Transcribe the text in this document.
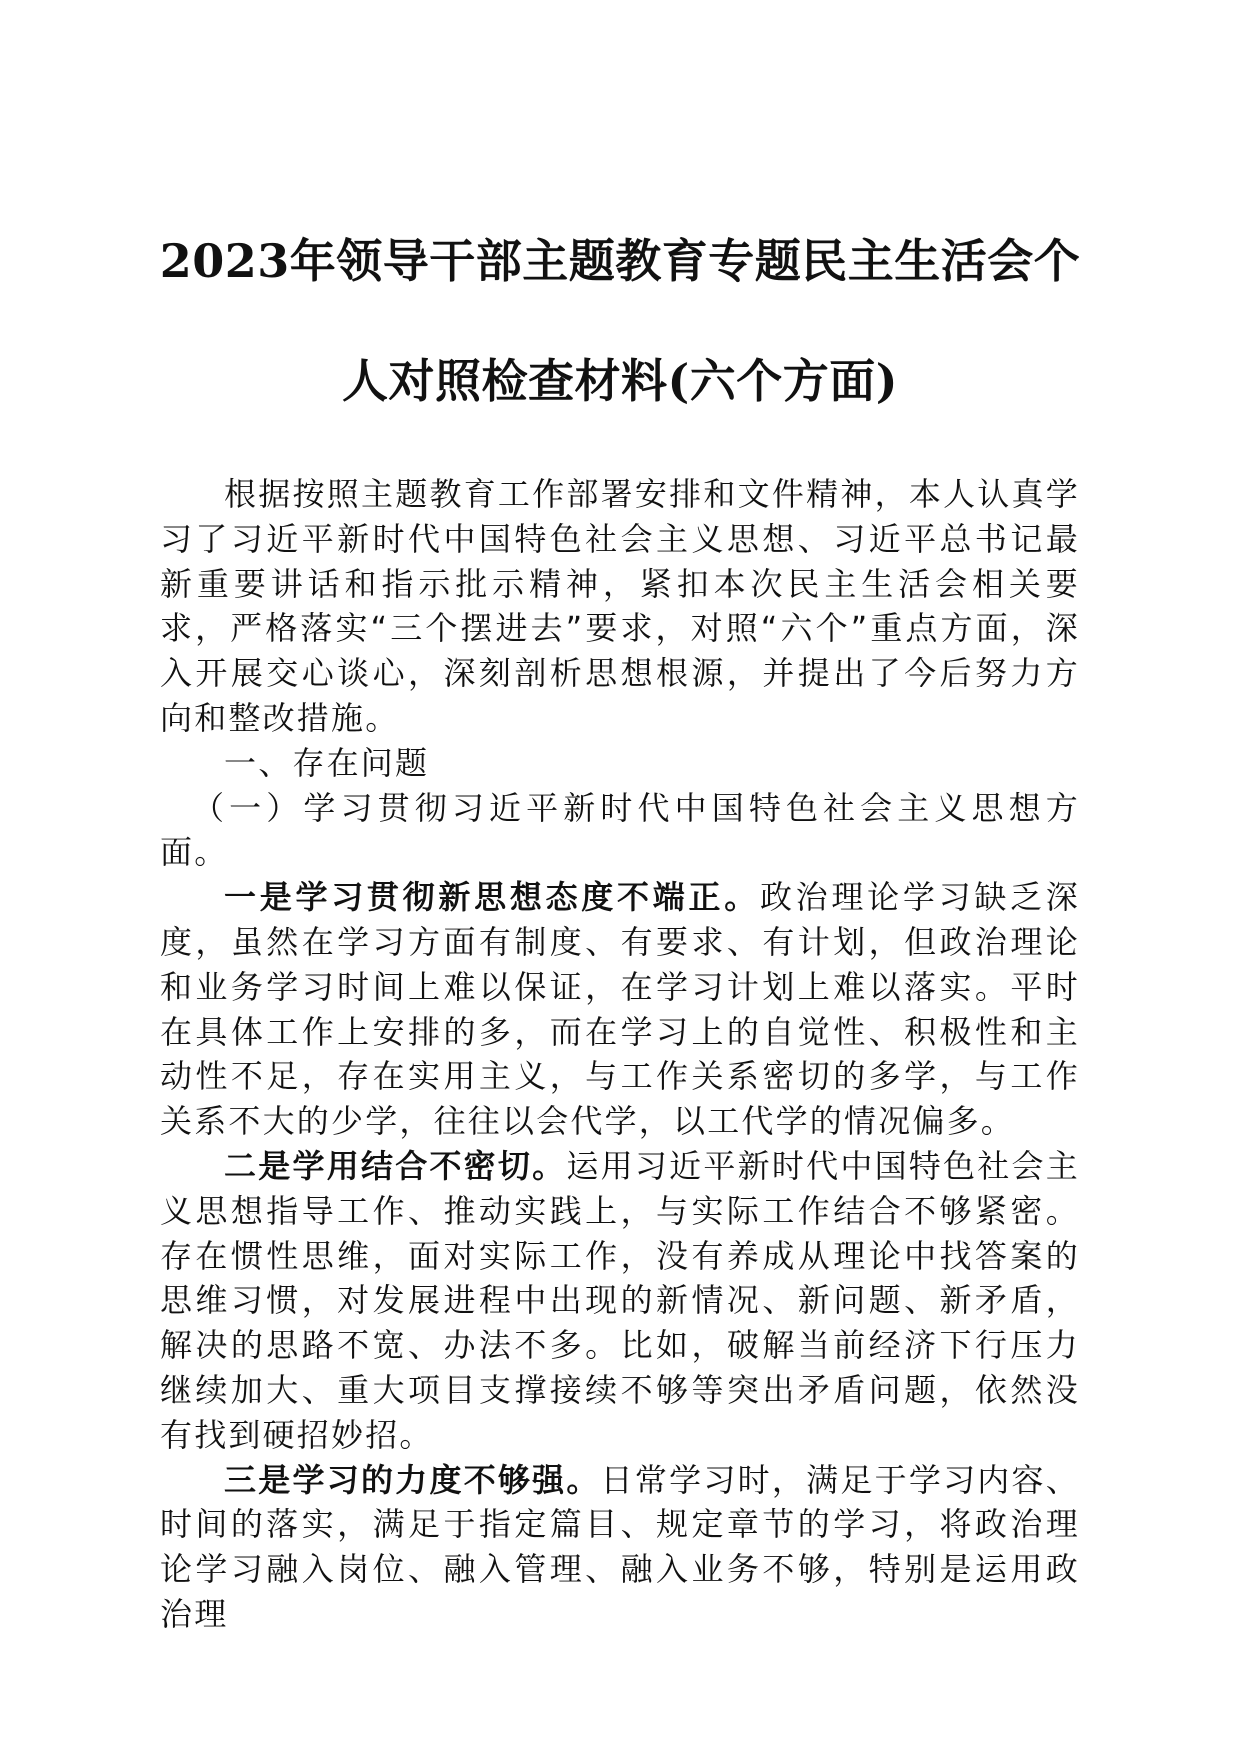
2023年领导干部主题教育专题民主生活会个
人对照检查材料(六个方面)

根据按照主题教育工作部署安排和文件精神，本人认真学习了习近平新时代中国特色社会主义思想、习近平总书记最新重要讲话和指示批示精神，紧扣本次民主生活会相关要求，严格落实“三个摆进去”要求，对照“六个”重点方面，深入开展交心谈心，深刻剖析思想根源，并提出了今后努力方向和整改措施。

一、存在问题

（一）学习贯彻习近平新时代中国特色社会主义思想方面。

一是学习贯彻新思想态度不端正。政治理论学习缺乏深度，虽然在学习方面有制度、有要求、有计划，但政治理论和业务学习时间上难以保证，在学习计划上难以落实。平时在具体工作上安排的多，而在学习上的自觉性、积极性和主动性不足，存在实用主义，与工作关系密切的多学，与工作关系不大的少学，往往以会代学，以工代学的情况偏多。

二是学用结合不密切。运用习近平新时代中国特色社会主义思想指导工作、推动实践上，与实际工作结合不够紧密。存在惯性思维，面对实际工作，没有养成从理论中找答案的思维习惯，对发展进程中出现的新情况、新问题、新矛盾，解决的思路不宽、办法不多。比如，破解当前经济下行压力继续加大、重大项目支撑接续不够等突出矛盾问题，依然没有找到硬招妙招。

三是学习的力度不够强。日常学习时，满足于学习内容、时间的落实，满足于指定篇目、规定章节的学习，将政治理论学习融入岗位、融入管理、融入业务不够，特别是运用政治理
